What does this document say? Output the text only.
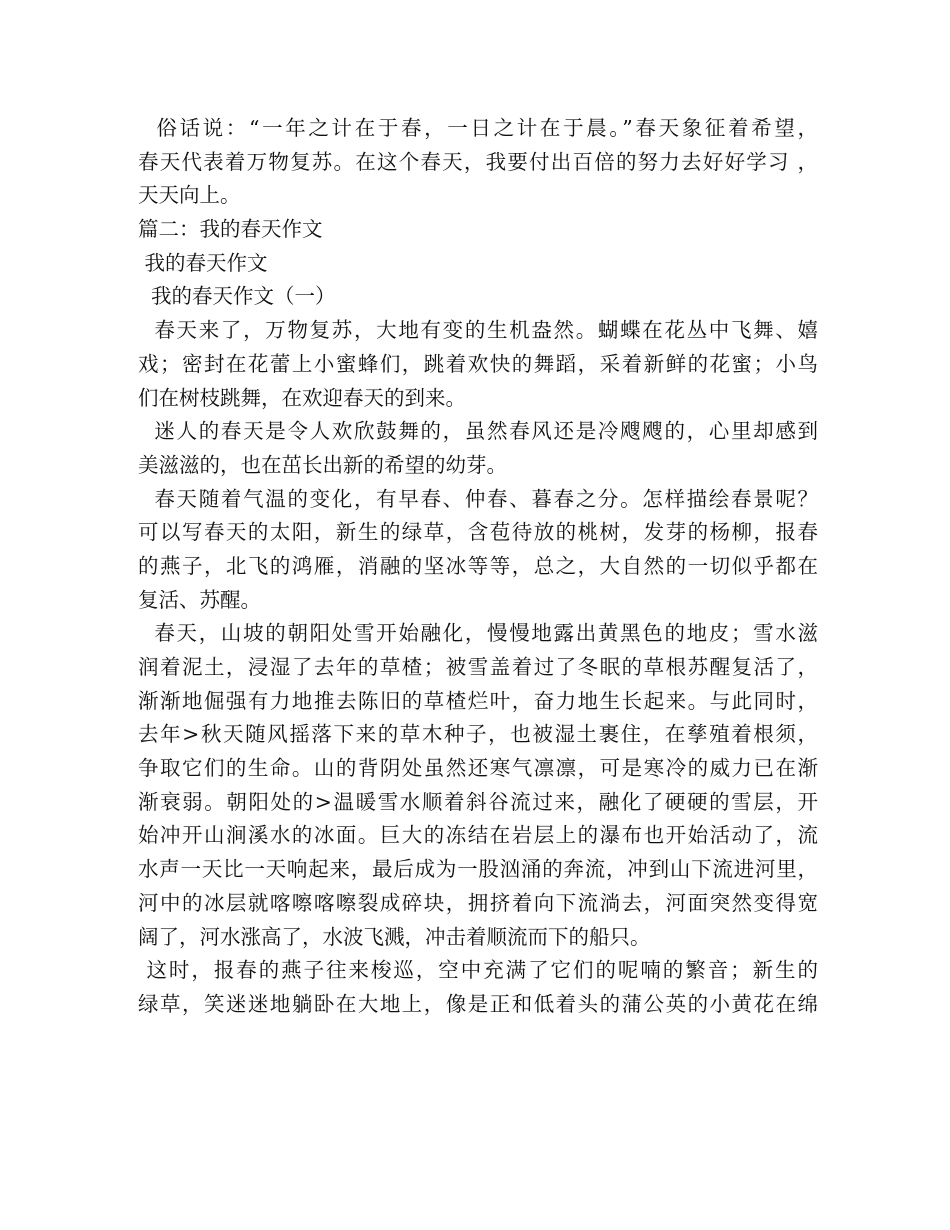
俗话说：“一年之计在于春，一日之计在于晨。”春天象征着希望，
春天代表着万物复苏。在这个春天，我要付出百倍的努力去好好学习 ，
天天向上。
篇二：我的春天作文
我的春天作文
我的春天作文（一）
春天来了，万物复苏，大地有变的生机盎然。蝴蝶在花丛中飞舞、嬉
戏；密封在花蕾上小蜜蜂们，跳着欢快的舞蹈，采着新鲜的花蜜；小鸟
们在树枝跳舞，在欢迎春天的到来。
迷人的春天是令人欢欣鼓舞的，虽然春风还是冷飕飕的，心里却感到
美滋滋的，也在茁长出新的希望的幼芽。
春天随着气温的变化，有早春、仲春、暮春之分。怎样描绘春景呢？
可以写春天的太阳，新生的绿草，含苞待放的桃树，发芽的杨柳，报春
的燕子，北飞的鸿雁，消融的坚冰等等，总之，大自然的一切似乎都在
复活、苏醒。
春天，山坡的朝阳处雪开始融化，慢慢地露出黄黑色的地皮；雪水滋
润着泥土，浸湿了去年的草楂；被雪盖着过了冬眠的草根苏醒复活了，
渐渐地倔强有力地推去陈旧的草楂烂叶，奋力地生长起来。与此同时，
去年>秋天随风摇落下来的草木种子，也被湿土裹住，在孳殖着根须，
争取它们的生命。山的背阴处虽然还寒气凛凛，可是寒冷的威力已在渐
渐衰弱。朝阳处的>温暖雪水顺着斜谷流过来，融化了硬硬的雪层，开
始冲开山涧溪水的冰面。巨大的冻结在岩层上的瀑布也开始活动了，流
水声一天比一天响起来，最后成为一股汹涌的奔流，冲到山下流进河里，
河中的冰层就喀嚓喀嚓裂成碎块，拥挤着向下流淌去，河面突然变得宽
阔了，河水涨高了，水波飞溅，冲击着顺流而下的船只。
这时，报春的燕子往来梭巡，空中充满了它们的呢喃的繁音；新生的
绿草，笑迷迷地躺卧在大地上，像是正和低着头的蒲公英的小黄花在绵
